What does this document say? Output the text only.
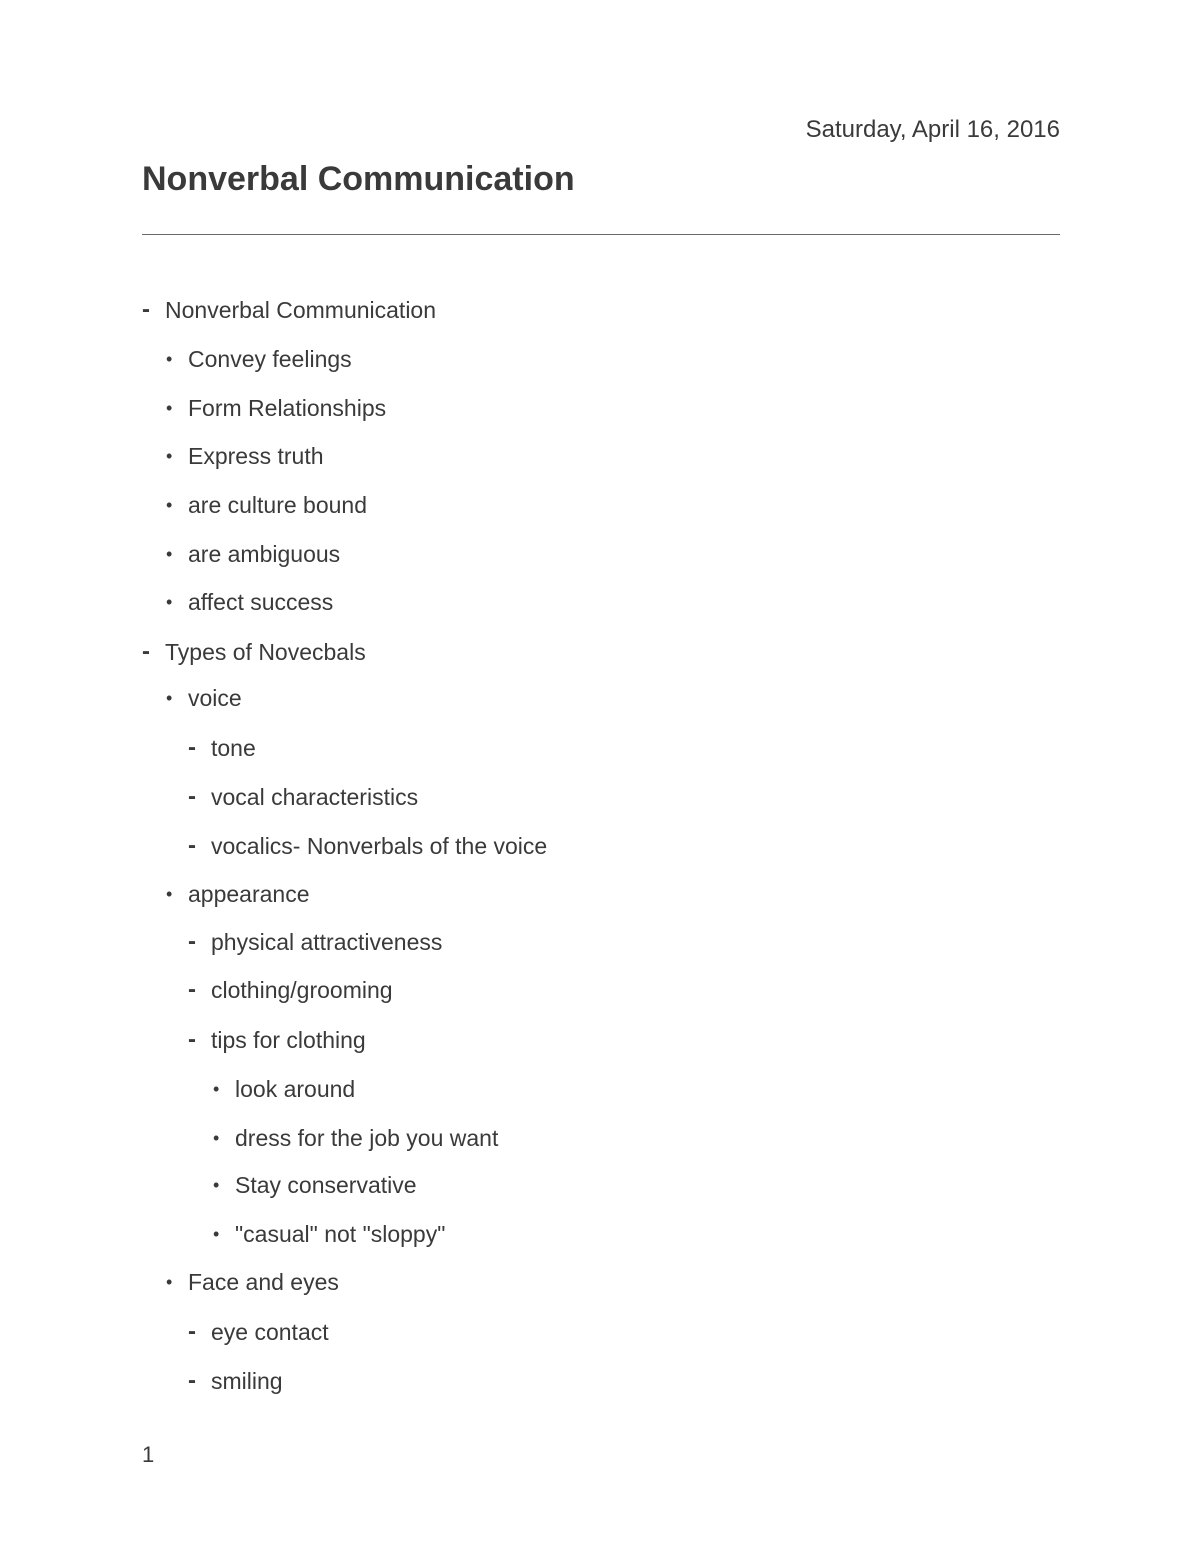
Saturday, April 16, 2016
Nonverbal Communication
- Nonverbal Communication
• Convey feelings
• Form Relationships
• Express truth
• are culture bound
• are ambiguous
• affect success
- Types of Novecbals
• voice
- tone
- vocal characteristics
- vocalics- Nonverbals of the voice
• appearance
- physical attractiveness
- clothing/grooming
- tips for clothing
• look around
• dress for the job you want
• Stay conservative
• "casual" not "sloppy"
• Face and eyes
- eye contact
- smiling
1
